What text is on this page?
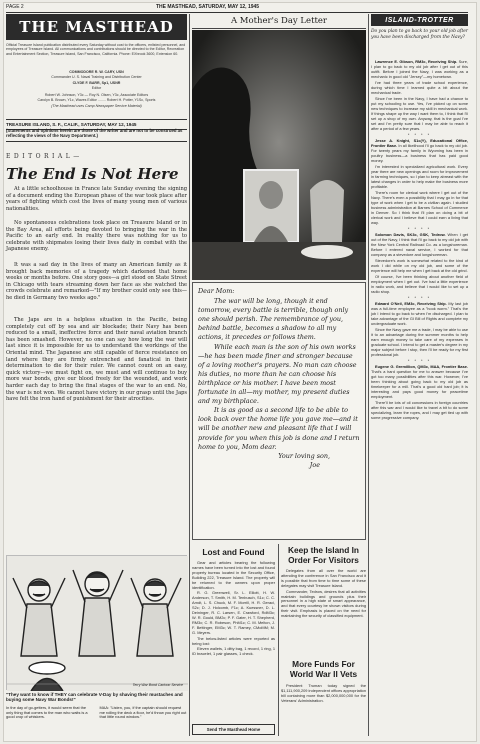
PAGE 2	THE MASTHEAD, SATURDAY, MAY 12, 1945
THE MASTHEAD
Official Treasure Island publication distributed every Saturday without cost to the officers, enlisted personnel, and employees of Treasure Island. All communications and contributions should be directed to the Editor, Recreation and Entertainment Section, Treasure Island, San Francisco, California. Phone: EXbrook 3600, Extension 60.
COMMODORE R. W. CARY, USN
Commander U. S. Naval Training and Distribution Center
CLYDE F. BARR, Sp1, USNR
Editor
Robert W. Johnson, Y3c — Roy N. Olsen, Y3c, Associate Editors
Carolyn B. Brown, Y1c, Waves Editor ........ Robert H. Potter, Y1Sc, Sports
(The Masthead uses Camp Newspaper Service Material)
TREASURE ISLAND, S. F., CALIF., SATURDAY, MAY 12, 1945
(Statements and opinions herein are those of the writer and are not to be construed as reflecting the views of the Navy Department.)
E D I T O R I A L —
The End Is Not Here
At a little schoolhouse in France late Sunday evening the signing of a document ending the European phase of the war took place after years of fighting which cost the lives of many young men of various nationalities.
No spontaneous celebrations took place on Treasure Island or in the Bay Area, all efforts being devoted to bringing the war in the Pacific to an early end. In reality there was nothing for us to celebrate with shipmates losing their lives daily in combat with the Japanese enemy.
It was a sad day in the lives of many an American family as it brought back memories of a tragedy which darkened that home weeks or months before. One story goes—a girl stood on State Street in Chicago with tears streaming down her face as she watched the crowds celebrate and remarked—"If my brother could only see this—he died in Germany two weeks ago."
The Japs are in a helpless situation in the Pacific, being completely cut off by sea and air blockade; their Navy has been reduced to a small, ineffective force and their naval aviation branch has been smashed. However, no one can say how long the war will last since it is impossible for us to understand the workings of the Oriental mind. The Japanese are still capable of fierce resistance on land where they are firmly entrenched and fanatical in their determination to die for their ruler. We cannot count on an easy, quick victory—we must fight on, we must and will continue to buy more war bonds, give our blood freely for the wounded, and work harder each day to bring the final stages of the war to an end. No, the war is not won. We cannot have victory in our grasp until the Japs have felt the iron hand of punishment for their atrocities.
Terry War Bond Cartoon Service
"They want to know if THEY can celebrate V-Day by shaving their mustaches and buying some Navy War Bonds!"
In the day of go-getters, it would seem that the only thing that comes to the man who waits is a good crop of whiskers.
MAA: "Listen, you, if the captain should request me rolling the deck a floor, he'd throw you right out that little round window."
A Mother's Day Letter
Dear Mom:

The war will be long, though it end tomorrow, every battle is terrible, though only one should perish. The remembrance of you, behind battle, becomes a shadow to all my actions, it precedes or follows them.

While each man is the son of his own works—he has been made finer and stronger because of a loving mother's prayers. No man can choose his duties, no more than he can choose his birthplace or his mother. I have been most fortunate in all—my mother, my present duties and my birthplace.

It is as good as a second life to be able to look back over the home life you gave me—and it will be another new and pleasant life that I will provide for you when this job is done and I return home to you, Mom dear.

Your loving son,
Joe
Lost and Found

Gear and articles bearing the following names have been turned into the lost and found property bureau located in the Security Office, Building 222, Treasure Island. The property will be returned to the owners upon proper identification.

R. G. Greenwell, Sr. L. Elliott, H. W. Anderson, T. Smith, H. M. Tenbusch, S1c; C. C. Arndt, L. S. Chuck, M. F. Morrill, H. R. Geraci, S2c; D. J. Holcomb, F1c; A. Kuessner, D. L. Deininger, R. C. Larsen, E. Crawford, RdM3c; W. R. Gould, BM2c; P. F. Gater, H. T. Shepherd, RM3c; C. R. Robeson, PhM1c; C. M. Melton, J. F. Bettinger, EM3c; W. T. Ramey, CMoMM; M. G. Meyers.

The below-listed articles were reported as being lost:

Eleven wallets, 1 ditty bag, 1 record, 1 ring, 1 ID bracelet, 1 pair glasses, 1 check.

Send The Masthead Home
Keep the Island In Order For Visitors

Delegates from all over the world are attending the conference in San Francisco and it is possible that from time to time some of these delegates may visit Treasure Island.

Commander, Tedrow, desires that all activities maintain buildings and grounds plus their personnel in a high state of smart appearance, and that every courtesy be shown visitors during their visit. Emphasis is placed on the need for maintaining the security of classified equipment.

More Funds For World War II Vets

President Truman today signed the $1,111,900,209 independent offices appropriation bill containing more than $2,000,000,000 for the Veterans' Administration.

ISLAND-TROTTER
Do you plan to go back to your old job after you have been discharged from the Navy?

Lawrence E. Gibson, RM3c, Receiving Ship. Sure, I plan to go back to my old job after I get out of this outfit. Before I joined the Navy, I was working as a mechanic in good old "Jersey"—my hometown.

I've had three years of trade school experience, during which time I learned quite a bit about the mechanical trade.

Since I've been in the Navy, I have had a chance to put my schooling to use. Yes, I've picked up on some new techniques to increase my skill in mechanical work. If things shape up the way I want them to, I think that I'll set up a shop of my own. Anyway, that is the goal I've set and I'm pretty sure that I may be able to reach it after a period of a few years.

* * * *

Jesse A. Knight, S1c(Y), Educational Office, Frontier Base. In all likelihood I'll go back to my old job. For twenty years my family in Wyoming has been in poultry business—a business that has paid good money.

I'm interested in specialized agricultural work. Every year there are new openings and room for improvement in farming techniques, so I plan to keep abreast with the latest changes in order to help make the business more profitable.

There's room for clerical work where I get out of the Navy. There's even a possibility that I may go in for that type of work when I get to be a civilian again. I studied business administration at Barnes School of Commerce in Denver. So I think that I'll plan on doing a bit of clerical work and I believe that I could earn a living that way.

* * * *

Solomon Davis, SK3c, GSK, Tedrow. When I get out of the Navy, I think that I'll go back to my old job with the New York Central Railroad Co. as a longshoreman. Before I entered naval service, I worked for that company as a stevedore and longshoreman.

Stevedore's work is somewhat related to the kind of work I did while on my old job, and some of the experience will help me when I get back at the old grind.

Of course, I've been thinking about another field of employment when I get out. I've had a little experience in radio work, and believe that I would like to set up a radio shop.

* * * *

Edward O'Neil, EM3c, Receiving Ship. My last job was a full-time employee as a "hook worm." That's the job I intend to go back to when I'm discharged. I plan to take advantage of the GI Bill of Rights and complete my undergraduate work.

Since the Navy gave me a trade, I may be able to use it to an advantage during the summer months to help earn enough money to take care of my expenses in graduate school. I intend to get a master's degree in my major subject before I stop, then I'll be ready for my first professional job.

* * * *

Eugene G. Gremillion, QM3c, MAA, Frontier Base. That's a hard question for me to answer because I've got too many possibilities after this war. However, I've been thinking about going back to my old job as timekeeper for a mill. That's a good old hard job; it is interesting and pays good money for peacetime employment.

There'll be lots of oil concessions in foreign countries after this war and I would like to travel a bit to do some specializing, learn the ropes, and I may get tied up with some progressive company.
